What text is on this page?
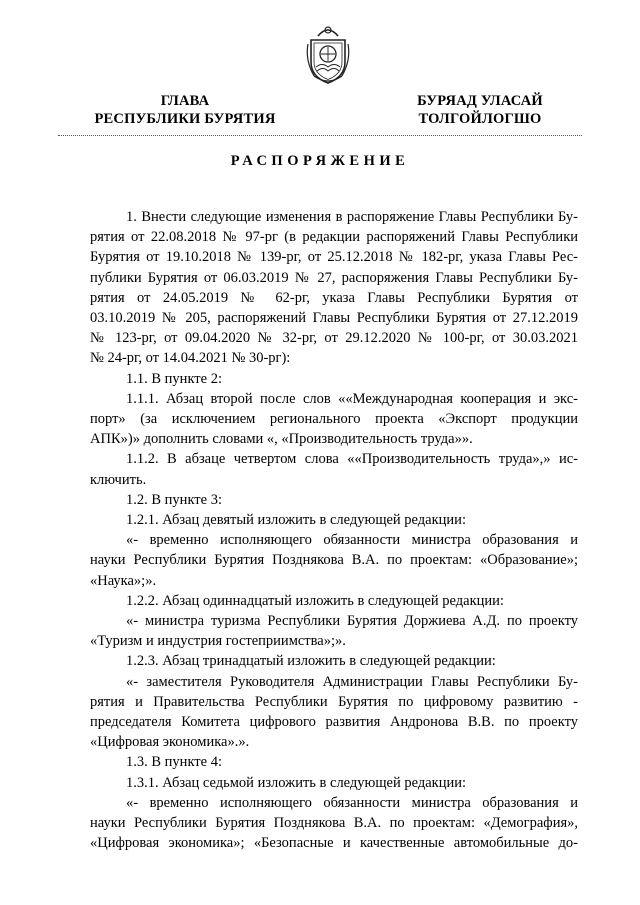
ГЛАВА
РЕСПУБЛИКИ БУРЯТИЯ
БУРЯАД УЛАСАЙ
ТОЛГОЙЛОГШО
РАСПОРЯЖЕНИЕ

1. Внести следующие изменения в распоряжение Главы Республики Бу-

рятия от 22.08.2018 № 97-рг (в редакции распоряжений Главы Республики

Бурятия от 19.10.2018 № 139-рг, от 25.12.2018 № 182-рг, указа Главы Рес-

публики Бурятия от 06.03.2019 № 27, распоряжения Главы Республики Бу-

рятия от 24.05.2019 № 62-рг, указа Главы Республики Бурятия от

03.10.2019 № 205, распоряжений Главы Республики Бурятия от 27.12.2019

№ 123-рг, от 09.04.2020 № 32-рг, от 29.12.2020 № 100-рг, от 30.03.2021

№ 24-рг, от 14.04.2021 № 30-рг):

1.1. В пункте 2:

1.1.1. Абзац второй после слов ««Международная кооперация и экс-

порт» (за исключением регионального проекта «Экспорт продукции

АПК»)» дополнить словами «, «Производительность труда»».

1.1.2. В абзаце четвертом слова ««Производительность труда»,» ис-

ключить.

1.2. В пункте 3:

1.2.1. Абзац девятый изложить в следующей редакции:

«- временно исполняющего обязанности министра образования и

науки Республики Бурятия Позднякова В.А. по проектам: «Образование»;

«Наука»;».

1.2.2. Абзац одиннадцатый изложить в следующей редакции:

«- министра туризма Республики Бурятия Доржиева А.Д. по проекту

«Туризм и индустрия гостеприимства»;».

1.2.3. Абзац тринадцатый изложить в следующей редакции:

«- заместителя Руководителя Администрации Главы Республики Бу-

рятия и Правительства Республики Бурятия по цифровому развитию -

председателя Комитета цифрового развития Андронова В.В. по проекту

«Цифровая экономика».».

1.3. В пункте 4:

1.3.1. Абзац седьмой изложить в следующей редакции:

«- временно исполняющего обязанности министра образования и

науки Республики Бурятия Позднякова В.А. по проектам: «Демография»,

«Цифровая экономика»; «Безопасные и качественные автомобильные до-
